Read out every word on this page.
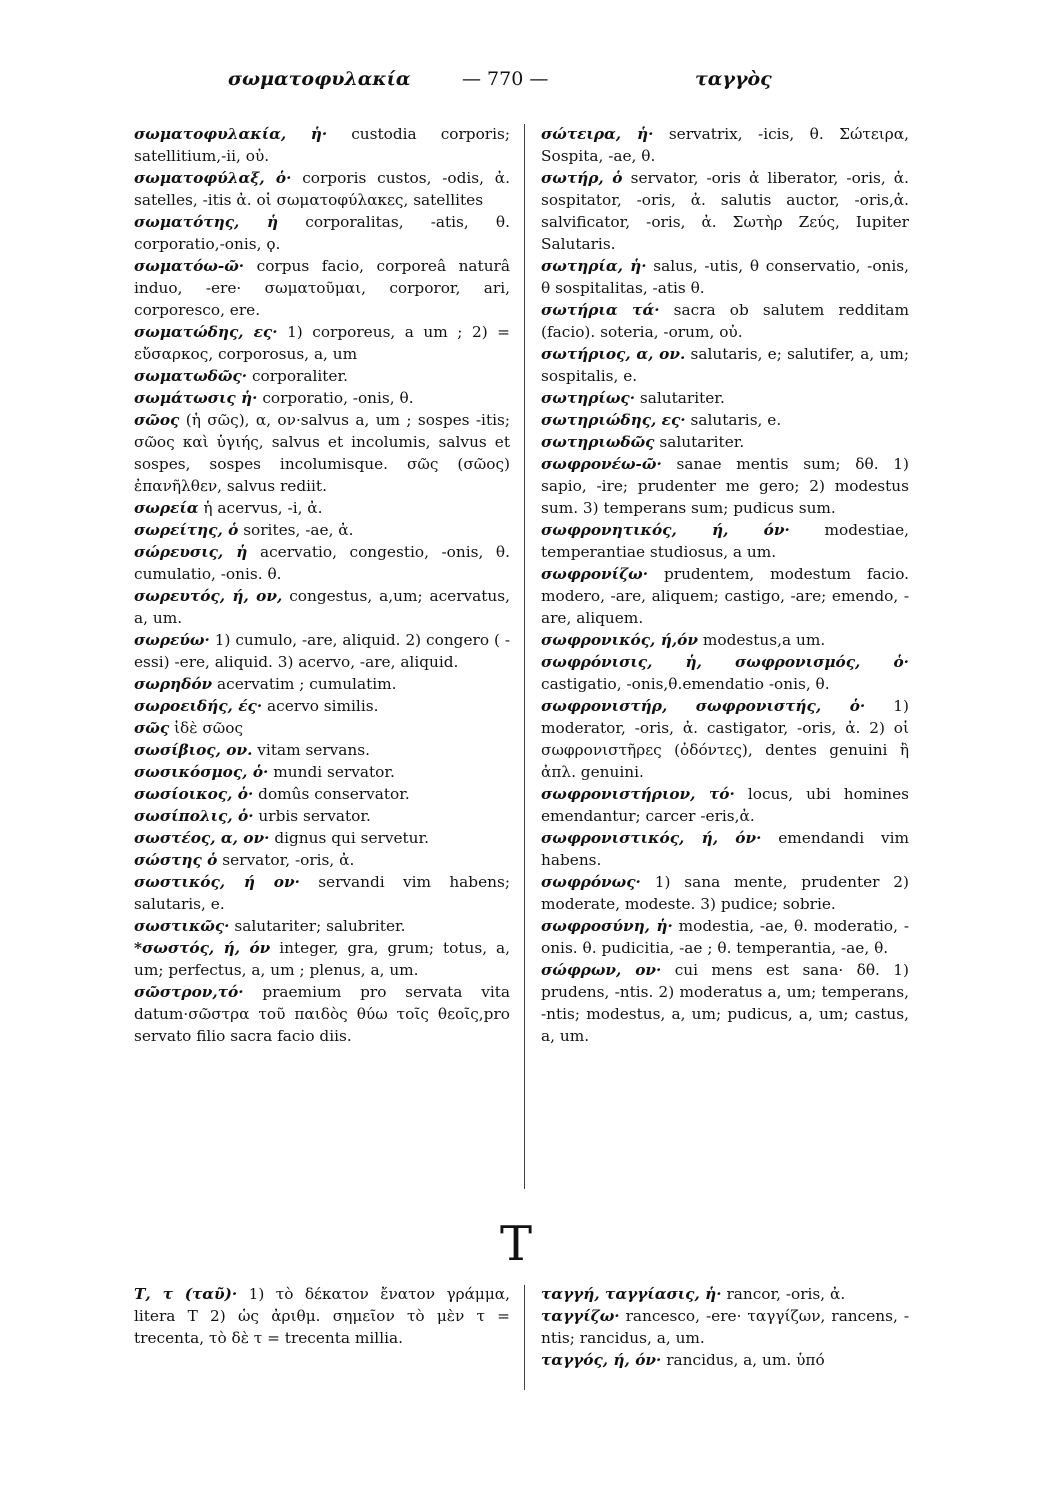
σωματοφυλακία	— 770 —	ταγγὸς

σωματοφυλακία, ἡ· custodia corporis; satellitium,-ii, οὐ.

σωματοφύλαξ, ὁ· corporis custos, -odis, ἀ. satelles, -itis ἀ. οἱ σωματοφύλακες, satellites

σωματότης, ἡ corporalitas, -atis, θ. corporatio,-onis, ϙ.

σωματόω-ῶ· corpus facio, corporeâ naturâ induo, -ere· σωματοῦμαι, corporor, ari, corporesco, ere.

σωματώδης, ες· 1) corporeus, a um ; 2) = εὔσαρκος, corporosus, a, um

σωματωδῶς· corporaliter.

σωμάτωσις ἡ· corporatio, -onis, θ.

σῶος (ἡ σῶς), α, ον·salvus a, um ; sospes -itis; σῶος καὶ ὑγιής, salvus et incolumis, salvus et sospes, sospes incolumisque. σῶς (σῶος) ἐπανῆλθεν, salvus rediit.

σωρεία ἡ acervus, -i, ἀ.

σωρείτης, ὁ sorites, -ae, ἀ.

σώρευσις, ἡ acervatio, congestio, -onis, θ. cumulatio, -onis. θ.

σωρευτός, ή, ον, congestus, a,um; acervatus, a, um.

σωρεύω· 1) cumulo, -are, aliquid. 2) congero ( -essi) -ere, aliquid. 3) acervo, -are, aliquid.

σωρηδόν acervatim ; cumulatim.

σωροειδής, ές· acervo similis.

σῶς ἰδὲ σῶος

σωσίβιος, ον. vitam servans.

σωσικόσμος, ὁ· mundi servator.

σωσίοικος, ὁ· domûs conservator.

σωσίπολις, ὁ· urbis servator.

σωστέος, α, ον· dignus qui servetur.

σώστης ὁ servator, -oris, ἀ.

σωστικός, ή ον· servandi vim habens; salutaris, e.

σωστικῶς· salutariter; salubriter.

*σωστός, ή, όν integer, gra, grum; totus, a, um; perfectus, a, um ; plenus, a, um.

σῶστρον,τό· praemium pro servata vita datum·σῶστρα τοῦ παιδὸς θύω τοῖς θεοῖς,pro servato filio sacra facio diis.

σώτειρα, ἡ· servatrix, -icis, θ. Σώτειρα, Sospita, -ae, θ.

σωτήρ, ὁ servator, -oris ἀ liberator, -oris, ἀ. sospitator, -oris, ἀ. salutis auctor, -oris,ἀ. salvificator, -oris, ἀ. Σωτὴρ Ζεύς, Iupiter Salutaris.

σωτηρία, ἡ· salus, -utis, θ conservatio, -onis, θ sospitalitas, -atis θ.

σωτήρια τά· sacra ob salutem redditam (facio). soteria, -orum, οὐ.

σωτήριος, α, ον. salutaris, e; salutifer, a, um; sospitalis, e.

σωτηρίως· salutariter.

σωτηριώδης, ες· salutaris, e.

σωτηριωδῶς salutariter.

σωφρονέω-ῶ· sanae mentis sum; δθ. 1) sapio, -ire; prudenter me gero; 2) modestus sum. 3) temperans sum; pudicus sum.

σωφρονητικός, ή, όν· modestiae, temperantiae studiosus, a um.

σωφρονίζω· prudentem, modestum facio. modero, -are, aliquem; castigo, -are; emendo, -are, aliquem.

σωφρονικός, ή,όν modestus,a um.

σωφρόνισις, ἡ, σωφρονισμός, ὁ· castigatio, -onis,θ.emendatio -onis, θ.

σωφρονιστήρ, σωφρονιστής, ὁ· 1) moderator, -oris, ἀ. castigator, -oris, ἀ. 2) οἱ σωφρονιστῆρες (ὀδόντες), dentes genuini ἢ ἀπλ. genuini.

σωφρονιστήριον, τό· locus, ubi homines emendantur; carcer -eris,ἀ.

σωφρονιστικός, ή, όν· emendandi vim habens.

σωφρόνως· 1) sana mente, prudenter 2) moderate, modeste. 3) pudice; sobrie.

σωφροσύνη, ἡ· modestia, -ae, θ. moderatio, -onis. θ. pudicitia, -ae ; θ. temperantia, -ae, θ.

σώφρων, ον· cui mens est sana· δθ. 1) prudens, -ntis. 2) moderatus a, um; temperans, -ntis; modestus, a, um; pudicus, a, um; castus, a, um.

T

Τ, τ (ταῦ)· 1) τὸ δέκατον ἔνατον γράμμα, litera T 2) ὡς ἀριθμ. σημεῖον τὸ μὲν τ = trecenta, τὸ δὲ τ = trecenta millia.

ταγγή, ταγγίασις, ἡ· rancor, -oris, ἀ.

ταγγίζω· rancesco, -ere· ταγγίζων, rancens, -ntis; rancidus, a, um.

ταγγός, ή, όν· rancidus, a, um. ὑπό
